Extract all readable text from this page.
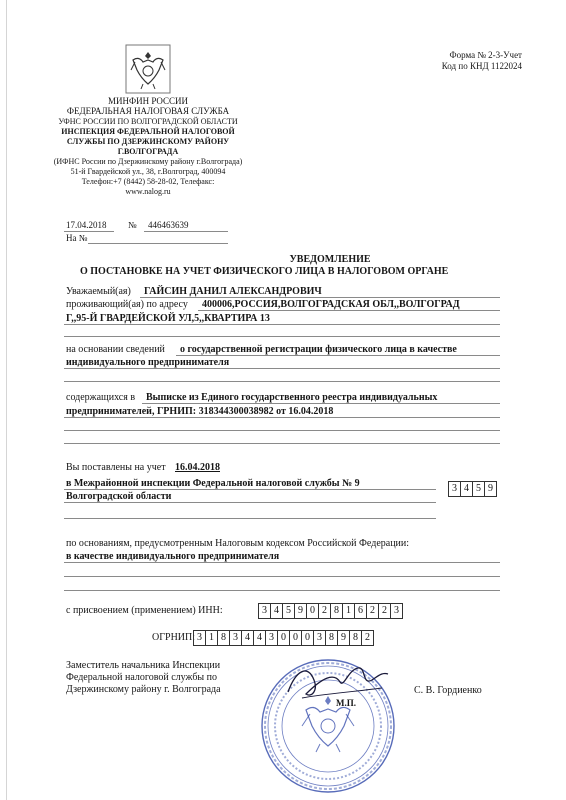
Форма № 2-3-Учет
Код по КНД 1122024
МИНФИН РОССИИ
ФЕДЕРАЛЬНАЯ НАЛОГОВАЯ СЛУЖБА
УФНС РОССИИ ПО ВОЛГОГРАДСКОЙ ОБЛАСТИ
ИНСПЕКЦИЯ ФЕДЕРАЛЬНОЙ НАЛОГОВОЙ
СЛУЖБЫ ПО ДЗЕРЖИНСКОМУ РАЙОНУ
Г.ВОЛГОГРАДА
(ИФНС России по Дзержинскому району г.Волгограда)
51-й Гвардейской ул., 38, г.Волгоград, 400094
Телефон:+7 (8442) 58-28-02, Телефакс:
www.nalog.ru
17.04.2018 № 446463639
На №
УВЕДОМЛЕНИЕ
О ПОСТАНОВКЕ НА УЧЕТ ФИЗИЧЕСКОГО ЛИЦА В НАЛОГОВОМ ОРГАНЕ
Уважаемый(ая) ГАЙСИН ДАНИЛ АЛЕКСАНДРОВИЧ
проживающий(ая) по адресу 400006,РОССИЯ,ВОЛГОГРАДСКАЯ ОБЛ,,ВОЛГОГРАД
Г,,95-Й ГВАРДЕЙСКОЙ УЛ,5,,КВАРТИРА 13
на основании сведений о государственной регистрации физического лица в качестве
индивидуального предпринимателя
содержащихся в Выписке из Единого государственного реестра индивидуальных
предпринимателей, ГРНИП: 318344300038982 от 16.04.2018
Вы поставлены на учет 16.04.2018
в Межрайонной инспекции Федеральной налоговой службы № 9
Волгоградской области
3 4 5 9
по основаниям, предусмотренным Налоговым кодексом Российской Федерации:
в качестве индивидуального предпринимателя
с присвоением (применением) ИНН:	3 4 5 9 0 2 8 1 6 2 2 3
ОГРНИП: 3 1 8 3 4 4 3 0 0 0 3 8 9 8 2
М.П.
Заместитель начальника Инспекции
Федеральной налоговой службы по
Дзержинскому району г. Волгограда	С. В. Гордиенко
